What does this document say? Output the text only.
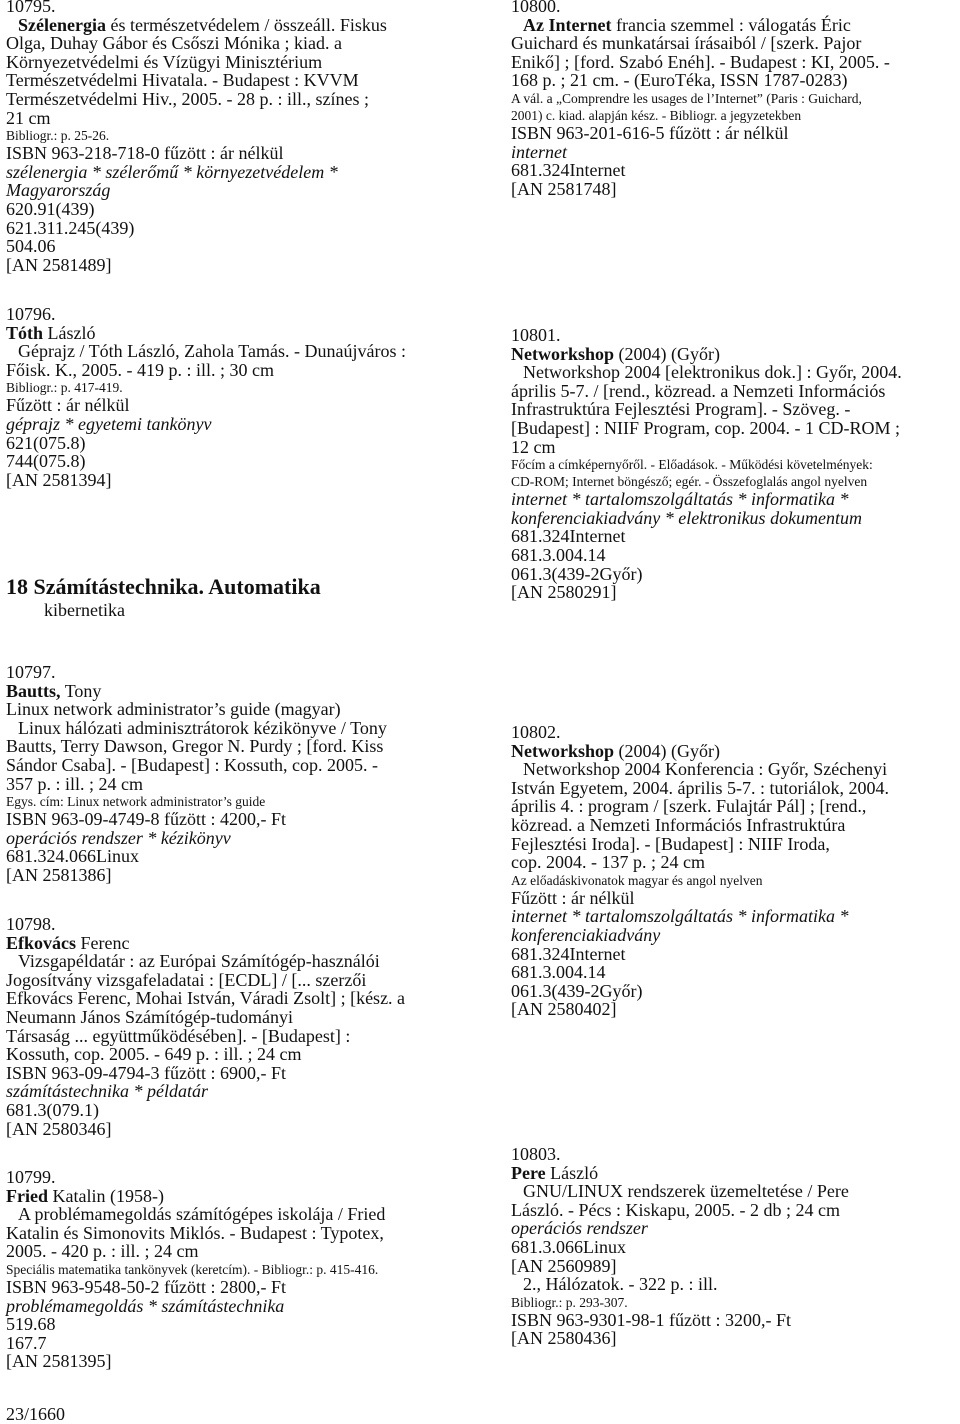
10795.
Szélenergia és természetvédelem / összeáll. Fiskus
Olga, Duhay Gábor és Csőszi Mónika ; kiad. a
Környezetvédelmi és Vízügyi Minisztérium
Természetvédelmi Hivatala. - Budapest : KVVM
Természetvédelmi Hiv., 2005. - 28 p. : ill., színes ;
21 cm
Bibliogr.: p. 25-26.
ISBN 963-218-718-0 fűzött : ár nélkül
szélenergia * szélerőmű * környezetvédelem *
Magyarország
620.91(439)
621.311.245(439)
504.06
[AN 2581489]
10796.
Tóth László
Géprajz / Tóth László, Zahola Tamás. - Dunaújváros :
Főisk. K., 2005. - 419 p. : ill. ; 30 cm
Bibliogr.: p. 417-419.
Fűzött : ár nélkül
géprajz * egyetemi tankönyv
621(075.8)
744(075.8)
[AN 2581394]
18 Számítástechnika. Automatika
kibernetika
10797.
Bautts, Tony
Linux network administrator’s guide (magyar)
Linux hálózati adminisztrátorok kézikönyve / Tony
Bautts, Terry Dawson, Gregor N. Purdy ; [ford. Kiss
Sándor Csaba]. - [Budapest] : Kossuth, cop. 2005. -
357 p. : ill. ; 24 cm
Egys. cím: Linux network administrator’s guide
ISBN 963-09-4749-8 fűzött : 4200,- Ft
operációs rendszer * kézikönyv
681.324.066Linux
[AN 2581386]
10798.
Efkovács Ferenc
Vizsgapéldatár : az Európai Számítógép-használói
Jogosítvány vizsgafeladatai : [ECDL] / [... szerzői
Efkovács Ferenc, Mohai István, Váradi Zsolt] ; [kész. a
Neumann János Számítógép-tudományi
Társaság ... együttműködésében]. - [Budapest] :
Kossuth, cop. 2005. - 649 p. : ill. ; 24 cm
ISBN 963-09-4794-3 fűzött : 6900,- Ft
számítástechnika * példatár
681.3(079.1)
[AN 2580346]
10799.
Fried Katalin (1958-)
A problémamegoldás számítógépes iskolája / Fried
Katalin és Simonovits Miklós. - Budapest : Typotex,
2005. - 420 p. : ill. ; 24 cm
Speciális matematika tankönyvek (keretcím). - Bibliogr.: p. 415-416.
ISBN 963-9548-50-2 fűzött : 2800,- Ft
problémamegoldás * számítástechnika
519.68
167.7
[AN 2581395]
10800.
Az Internet francia szemmel : válogatás Éric
Guichard és munkatársai írásaiból / [szerk. Pajor
Enikő] ; [ford. Szabó Enéh]. - Budapest : KI, 2005. -
168 p. ; 21 cm. - (EuroTéka, ISSN 1787-0283)
A vál. a „Comprendre les usages de l’Internet” (Paris : Guichard,
2001) c. kiad. alapján kész. - Bibliogr. a jegyzetekben
ISBN 963-201-616-5 fűzött : ár nélkül
internet
681.324Internet
[AN 2581748]
10801.
Networkshop (2004) (Győr)
Networkshop 2004 [elektronikus dok.] : Győr, 2004.
április 5-7. / [rend., közread. a Nemzeti Információs
Infrastruktúra Fejlesztési Program]. - Szöveg. -
[Budapest] : NIIF Program, cop. 2004. - 1 CD-ROM ;
12 cm
Főcím a címképernyőről. - Előadások. - Működési követelmények:
CD-ROM; Internet böngésző; egér. - Összefoglalás angol nyelven
internet * tartalomszolgáltatás * informatika *
konferenciakiadvány * elektronikus dokumentum
681.324Internet
681.3.004.14
061.3(439-2Győr)
[AN 2580291]
10802.
Networkshop (2004) (Győr)
Networkshop 2004 Konferencia : Győr, Széchenyi
István Egyetem, 2004. április 5-7. : tutoriálok, 2004.
április 4. : program / [szerk. Fulajtár Pál] ; [rend.,
közread. a Nemzeti Információs Infrastruktúra
Fejlesztési Iroda]. - [Budapest] : NIIF Iroda,
cop. 2004. - 137 p. ; 24 cm
Az előadáskivonatok magyar és angol nyelven
Fűzött : ár nélkül
internet * tartalomszolgáltatás * informatika *
konferenciakiadvány
681.324Internet
681.3.004.14
061.3(439-2Győr)
[AN 2580402]
10803.
Pere László
GNU/LINUX rendszerek üzemeltetése / Pere
László. - Pécs : Kiskapu, 2005. - 2 db ; 24 cm
operációs rendszer
681.3.066Linux
[AN 2560989]
2., Hálózatok. - 322 p. : ill.
Bibliogr.: p. 293-307.
ISBN 963-9301-98-1 fűzött : 3200,- Ft
[AN 2580436]
23/1660
